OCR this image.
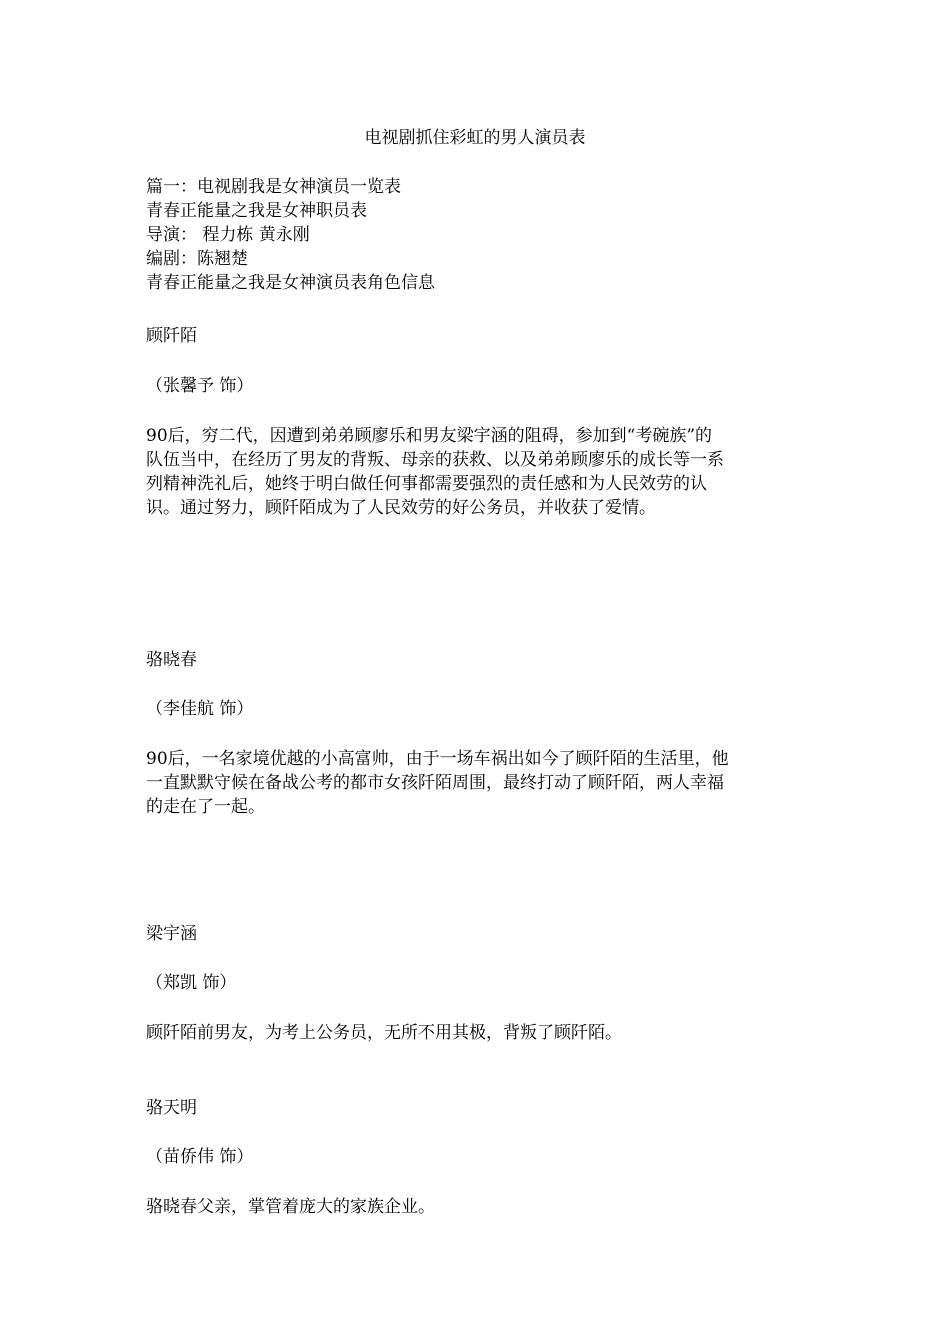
电视剧抓住彩虹的男人演员表
篇一：电视剧我是女神演员一览表
青春正能量之我是女神职员表
导演： 程力栋 黄永刚
编剧：陈翘楚
青春正能量之我是女神演员表角色信息
顾阡陌
（张馨予 饰）
90后，穷二代，因遭到弟弟顾廖乐和男友梁宇涵的阻碍，参加到“考碗族”的
队伍当中，在经历了男友的背叛、母亲的获救、以及弟弟顾廖乐的成长等一系
列精神洗礼后，她终于明白做任何事都需要强烈的责任感和为人民效劳的认
识。通过努力，顾阡陌成为了人民效劳的好公务员，并收获了爱情。
骆晓春
（李佳航 饰）
90后，一名家境优越的小高富帅，由于一场车祸出如今了顾阡陌的生活里，他
一直默默守候在备战公考的都市女孩阡陌周围，最终打动了顾阡陌，两人幸福
的走在了一起。
梁宇涵
（郑凯 饰）
顾阡陌前男友，为考上公务员，无所不用其极，背叛了顾阡陌。
骆天明
（苗侨伟 饰）
骆晓春父亲，掌管着庞大的家族企业。
